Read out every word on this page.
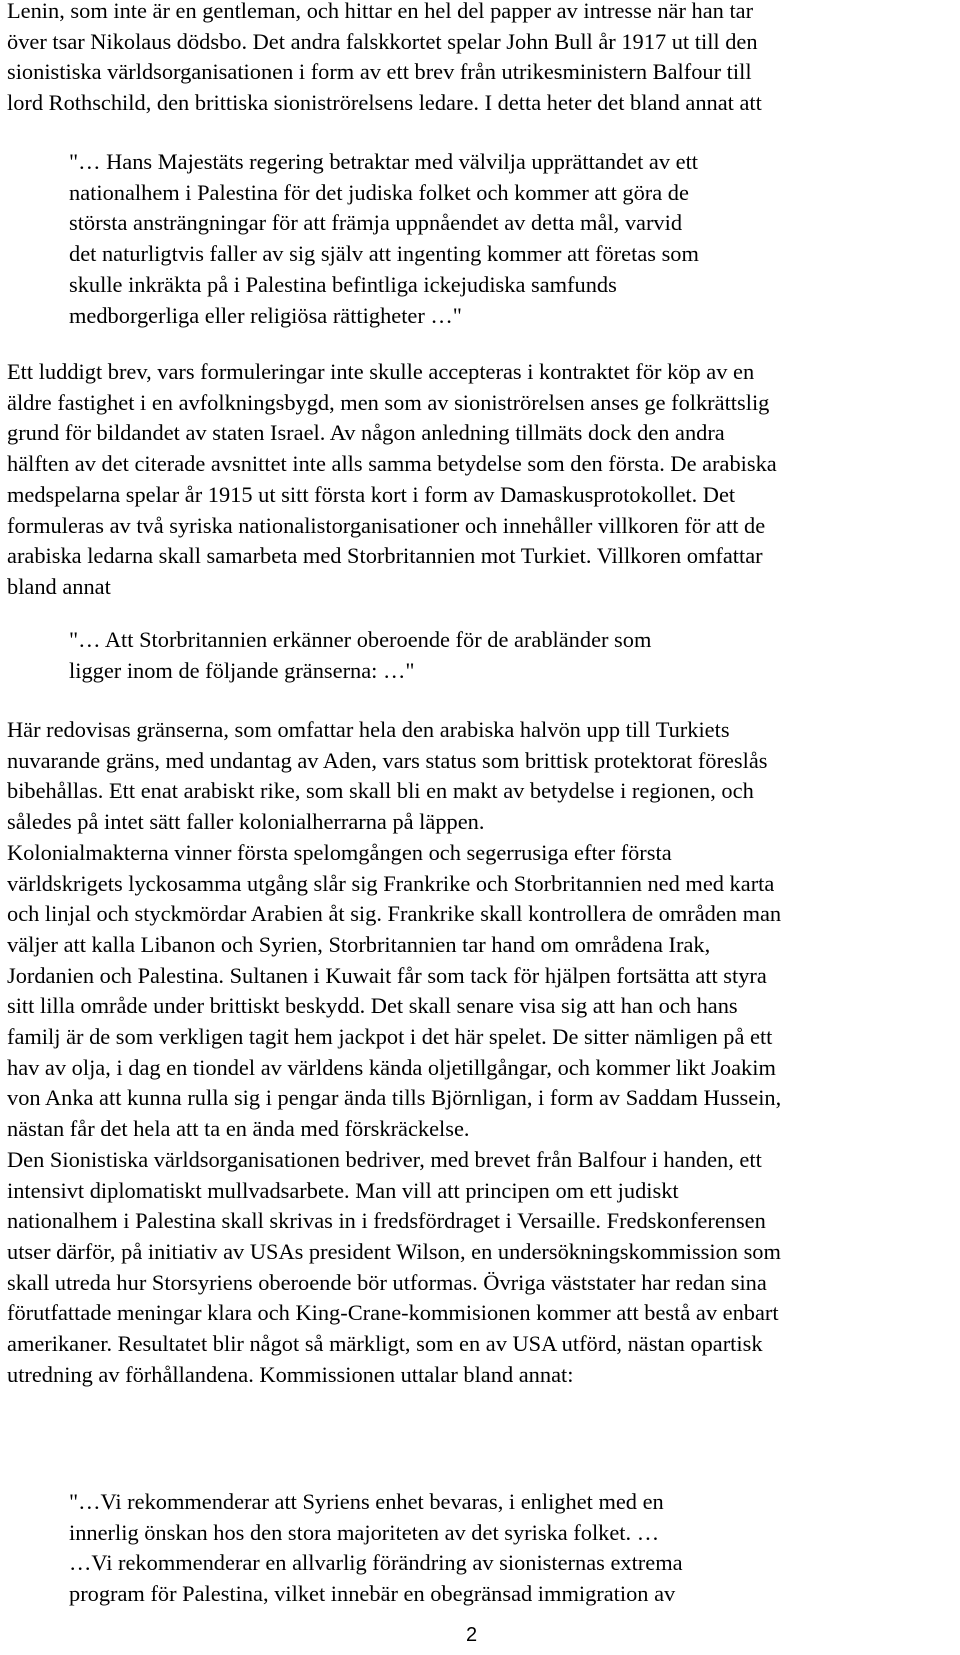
Lenin, som inte är en gentleman, och hittar en hel del papper av intresse när han tar
över tsar Nikolaus dödsbo. Det andra falskkortet spelar John Bull år 1917 ut till den
sionistiska världsorganisationen i form av ett brev från utrikesministern Balfour till
lord Rothschild, den brittiska sioniströrelsens ledare. I detta heter det bland annat att
"… Hans Majestäts regering betraktar med välvilja upprättandet av ett
nationalhem i Palestina för det judiska folket och kommer att göra de
största ansträngningar för att främja uppnåendet av detta mål, varvid
det naturligtvis faller av sig själv att ingenting kommer att företas som
skulle inkräkta på i Palestina befintliga ickejudiska samfunds
medborgerliga eller religiösa rättigheter …"
Ett luddigt brev, vars formuleringar inte skulle accepteras i kontraktet för köp av en
äldre fastighet i en avfolkningsbygd, men som av sioniströrelsen anses ge folkrättslig
grund för bildandet av staten Israel. Av någon anledning tillmäts dock den andra
hälften av det citerade avsnittet inte alls samma betydelse som den första. De arabiska
medspelarna spelar år 1915 ut sitt första kort i form av Damaskusprotokollet. Det
formuleras av två syriska nationalistorganisationer och innehåller villkoren för att de
arabiska ledarna skall samarbeta med Storbritannien mot Turkiet. Villkoren omfattar
bland annat
"… Att Storbritannien erkänner oberoende för de arabländer som
ligger inom de följande gränserna: …"
Här redovisas gränserna, som omfattar hela den arabiska halvön upp till Turkiets
nuvarande gräns, med undantag av Aden, vars status som brittisk protektorat föreslås
bibehållas. Ett enat arabiskt rike, som skall bli en makt av betydelse i regionen, och
således på intet sätt faller kolonialherrarna på läppen.
Kolonialmakterna vinner första spelomgången och segerrusiga efter första
världskrigets lyckosamma utgång slår sig Frankrike och Storbritannien ned med karta
och linjal och styckmördar Arabien åt sig. Frankrike skall kontrollera de områden man
väljer att kalla Libanon och Syrien, Storbritannien tar hand om områdena Irak,
Jordanien och Palestina. Sultanen i Kuwait får som tack för hjälpen fortsätta att styra
sitt lilla område under brittiskt beskydd. Det skall senare visa sig att han och hans
familj är de som verkligen tagit hem jackpot i det här spelet. De sitter nämligen på ett
hav av olja, i dag en tiondel av världens kända oljetillgångar, och kommer likt Joakim
von Anka att kunna rulla sig i pengar ända tills Björnligan, i form av Saddam Hussein,
nästan får det hela att ta en ända med förskräckelse.
Den Sionistiska världsorganisationen bedriver, med brevet från Balfour i handen, ett
intensivt diplomatiskt mullvadsarbete. Man vill att principen om ett judiskt
nationalhem i Palestina skall skrivas in i fredsfördraget i Versaille. Fredskonferensen
utser därför, på initiativ av USAs president Wilson, en undersökningskommission som
skall utreda hur Storsyriens oberoende bör utformas. Övriga väststater har redan sina
förutfattade meningar klara och King-Crane-kommisionen kommer att bestå av enbart
amerikaner. Resultatet blir något så märkligt, som en av USA utförd, nästan opartisk
utredning av förhållandena. Kommissionen uttalar bland annat:
"…Vi rekommenderar att Syriens enhet bevaras, i enlighet med en
innerlig önskan hos den stora majoriteten av det syriska folket. …
…Vi rekommenderar en allvarlig förändring av sionisternas extrema
program för Palestina, vilket innebär en obegränsad immigration av
2
